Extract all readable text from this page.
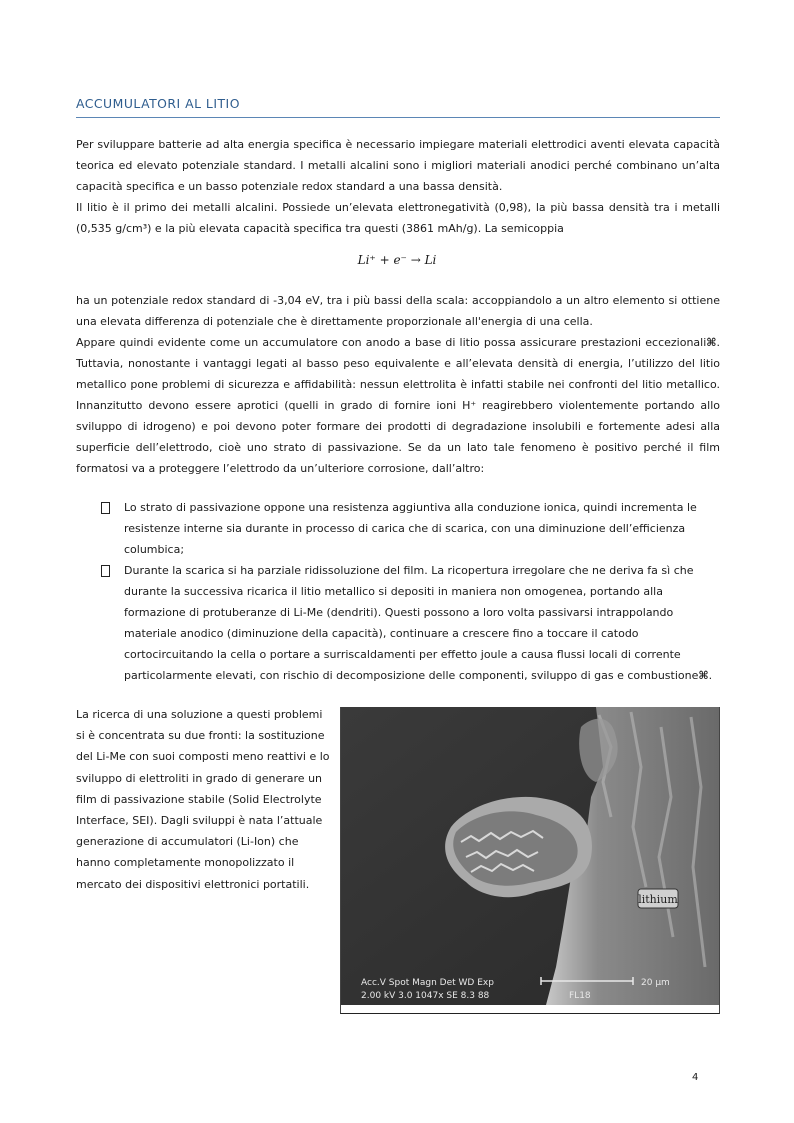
ACCUMULATORI AL LITIO

Per sviluppare batterie ad alta energia specifica è necessario impiegare materiali elettrodici aventi elevata capacità teorica ed elevato potenziale standard. I metalli alcalini sono i migliori materiali anodici perché combinano un’alta capacità specifica e un basso potenziale redox standard a una bassa densità.

Il litio è il primo dei metalli alcalini. Possiede un’elevata elettronegatività (0,98), la più bassa densità tra i metalli (0,535 g/cm³) e la più elevata capacità specifica tra questi (3861 mAh/g). La semicoppia

Li⁺ + e⁻ → Li

ha un potenziale redox standard di -3,04 eV, tra i più bassi della scala: accoppiandolo a un altro elemento si ottiene una elevata differenza di potenziale che è direttamente proporzionale all'energia di una cella.

Appare quindi evidente come un accumulatore con anodo a base di litio possa assicurare prestazioni eccezionali⌘. Tuttavia, nonostante i vantaggi legati al basso peso equivalente e all’elevata densità di energia, l’utilizzo del litio metallico pone problemi di sicurezza e affidabilità: nessun elettrolita è infatti stabile nei confronti del litio metallico. Innanzitutto devono essere aprotici (quelli in grado di fornire ioni H⁺ reagirebbero violentemente portando allo sviluppo di idrogeno) e poi devono poter formare dei prodotti di degradazione insolubili e fortemente adesi alla superficie dell’elettrodo, cioè uno strato di passivazione. Se da un lato tale fenomeno è positivo perché il film formatosi va a proteggere l’elettrodo da un’ulteriore corrosione, dall’altro:

Lo strato di passivazione oppone una resistenza aggiuntiva alla conduzione ionica, quindi incrementa le resistenze interne sia durante in processo di carica che di scarica, con una diminuzione dell’efficienza columbica;
Durante la scarica si ha parziale ridissoluzione del film. La ricopertura irregolare che ne deriva fa sì che durante la successiva ricarica il litio metallico si depositi in maniera non omogenea, portando alla formazione di protuberanze di Li-Me (dendriti). Questi possono a loro volta passivarsi intrappolando materiale anodico (diminuzione della capacità), continuare a crescere fino a toccare il catodo cortocircuitando la cella o portare a surriscaldamenti per effetto joule a causa flussi locali di corrente particolarmente elevati, con rischio di decomposizione delle componenti, sviluppo di gas e combustione⌘.
La ricerca di una soluzione a questi problemi si è concentrata su due fronti: la sostituzione del Li-Me con suoi composti meno reattivi e lo sviluppo di elettroliti in grado di generare un film di passivazione stabile (Solid Electrolyte Interface, SEI). Dagli sviluppi è nata l’attuale generazione di accumulatori (Li-Ion) che hanno completamente monopolizzato il mercato dei dispositivi elettronici portatili.
lithium
Acc.V Spot Magn Det WD Exp
2.00 kV 3.0 1047x SE 8.3 88
20 µm
FL18
4
